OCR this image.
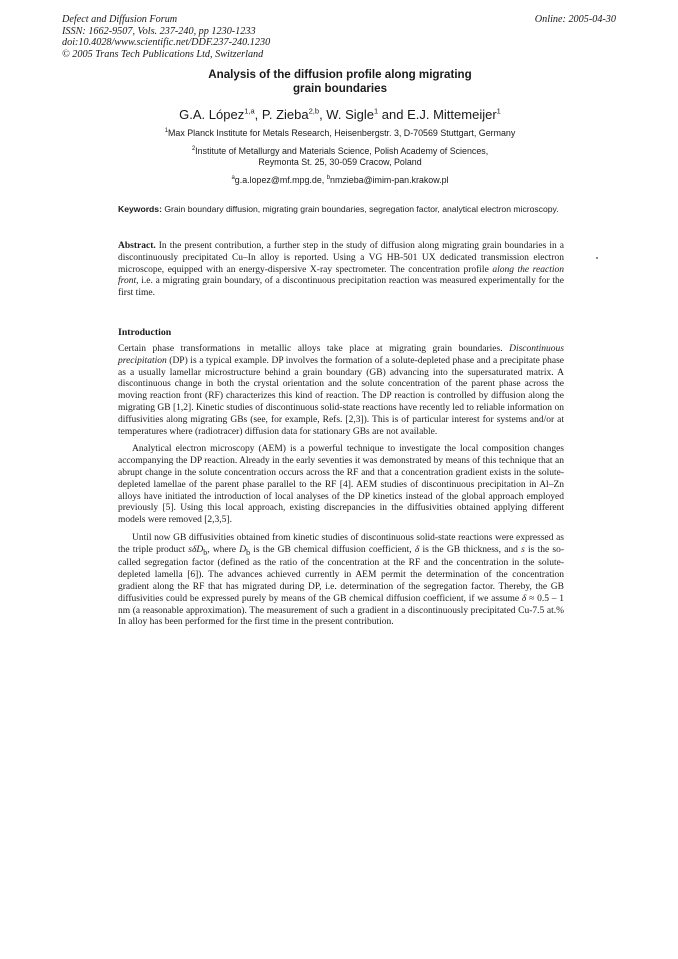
Defect and Diffusion Forum
ISSN: 1662-9507, Vols. 237-240, pp 1230-1233
doi:10.4028/www.scientific.net/DDF.237-240.1230
© 2005 Trans Tech Publications Ltd, Switzerland
Online: 2005-04-30
Analysis of the diffusion profile along migrating
grain boundaries
G.A. López$^{1,a}$, P. Zieba$^{2,b}$, W. Sigle$^1$ and E.J. Mittemeijer$^1$
$^1$Max Planck Institute for Metals Research, Heisenbergstr. 3, D-70569 Stuttgart, Germany
$^2$Institute of Metallurgy and Materials Science, Polish Academy of Sciences,
Reymonta St. 25, 30-059 Cracow, Poland
$^a$g.a.lopez@mf.mpg.de, $^b$nmzieba@imim-pan.krakow.pl
Keywords: Grain boundary diffusion, migrating grain boundaries, segregation factor, analytical electron microscopy.

Abstract. In the present contribution, a further step in the study of diffusion along migrating grain boundaries in a discontinuously precipitated Cu–In alloy is reported. Using a VG HB-501 UX dedicated transmission electron microscope, equipped with an energy-dispersive X-ray spectrometer. The concentration profile along the reaction front, i.e. a migrating grain boundary, of a discontinuous precipitation reaction was measured experimentally for the first time.

Introduction

Certain phase transformations in metallic alloys take place at migrating grain boundaries. Discontinuous precipitation (DP) is a typical example. DP involves the formation of a solute-depleted phase and a precipitate phase as a usually lamellar microstructure behind a grain boundary (GB) advancing into the supersaturated matrix. A discontinuous change in both the crystal orientation and the solute concentration of the parent phase across the moving reaction front (RF) characterizes this kind of reaction. The DP reaction is controlled by diffusion along the migrating GB [1,2]. Kinetic studies of discontinuous solid-state reactions have recently led to reliable information on diffusivities along migrating GBs (see, for example, Refs. [2,3]). This is of particular interest for systems and/or at temperatures where (radiotracer) diffusion data for stationary GBs are not available.

Analytical electron microscopy (AEM) is a powerful technique to investigate the local composition changes accompanying the DP reaction. Already in the early seventies it was demonstrated by means of this technique that an abrupt change in the solute concentration occurs across the RF and that a concentration gradient exists in the solute-depleted lamellae of the parent phase parallel to the RF [4]. AEM studies of discontinuous precipitation in Al–Zn alloys have initiated the introduction of local analyses of the DP kinetics instead of the global approach employed previously [5]. Using this local approach, existing discrepancies in the diffusivities obtained applying different models were removed [2,3,5].

Until now GB diffusivities obtained from kinetic studies of discontinuous solid-state reactions were expressed as the triple product sδD$_b$, where $D_b$ is the GB chemical diffusion coefficient, δ is the GB thickness, and s is the so-called segregation factor (defined as the ratio of the concentration at the RF and the concentration in the solute-depleted lamella [6]). The advances achieved currently in AEM permit the determination of the concentration gradient along the RF that has migrated during DP, i.e. determination of the segregation factor. Thereby, the GB diffusivities could be expressed purely by means of the GB chemical diffusion coefficient, if we assume δ ≈ 0.5 – 1 nm (a reasonable approximation). The measurement of such a gradient in a discontinuously precipitated Cu-7.5 at.% In alloy has been performed for the first time in the present contribution.
